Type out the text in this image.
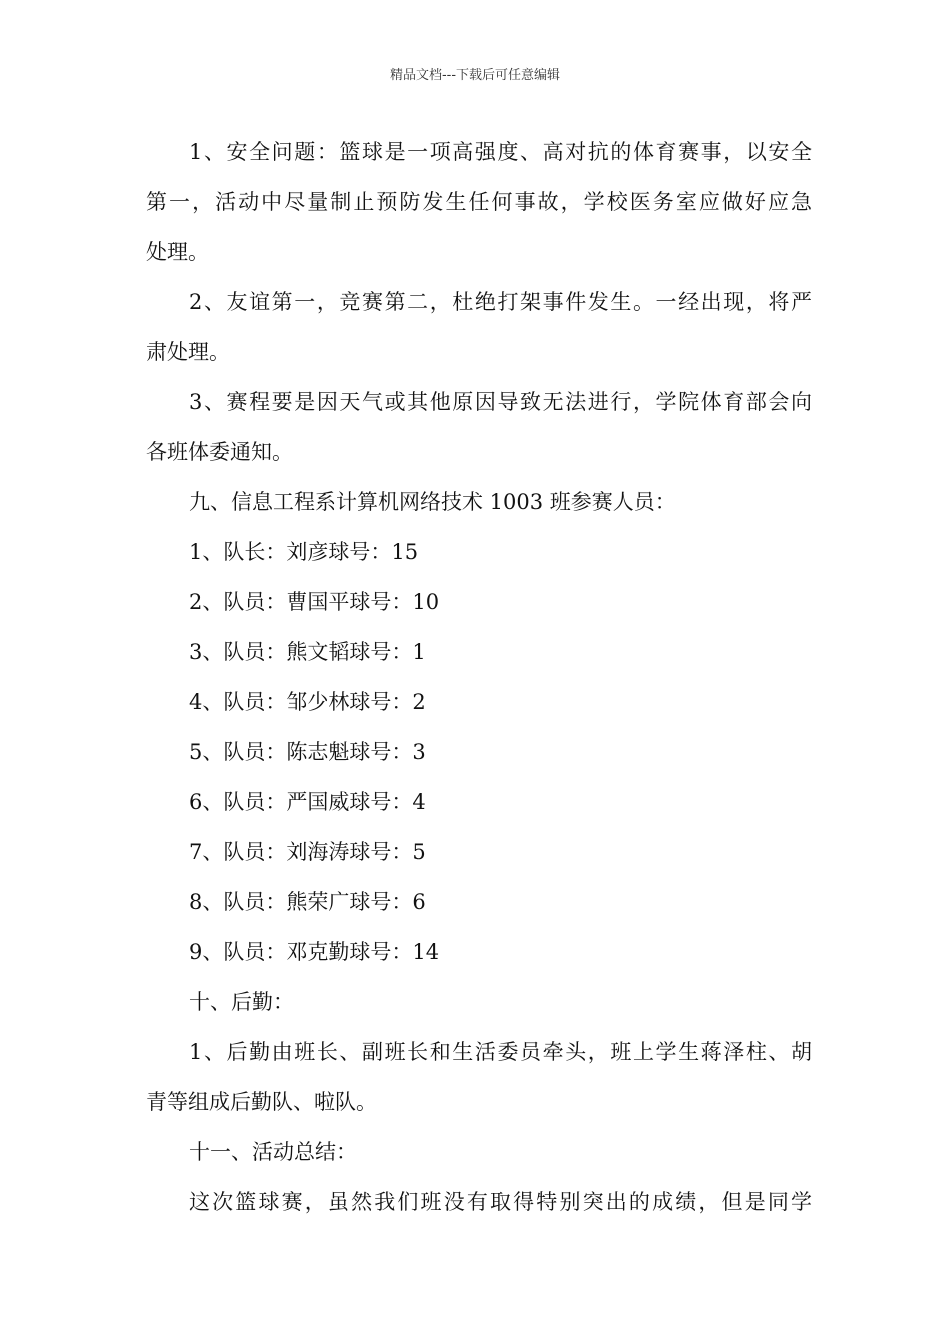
精品文档---下载后可任意编辑
1、安全问题：篮球是一项高强度、高对抗的体育赛事，以安全
第一，活动中尽量制止预防发生任何事故，学校医务室应做好应急
处理。
2、友谊第一，竞赛第二，杜绝打架事件发生。一经出现，将严
肃处理。
3、赛程要是因天气或其他原因导致无法进行，学院体育部会向
各班体委通知。
九、信息工程系计算机网络技术 1003 班参赛人员：
1、队长：刘彦球号：15
2、队员：曹国平球号：10
3、队员：熊文韬球号：1
4、队员：邹少林球号：2
5、队员：陈志魁球号：3
6、队员：严国威球号：4
7、队员：刘海涛球号：5
8、队员：熊荣广球号：6
9、队员：邓克勤球号：14
十、后勤：
1、后勤由班长、副班长和生活委员牵头，班上学生蒋泽柱、胡
青等组成后勤队、啦队。
十一、活动总结：
这次篮球赛，虽然我们班没有取得特别突出的成绩，但是同学
